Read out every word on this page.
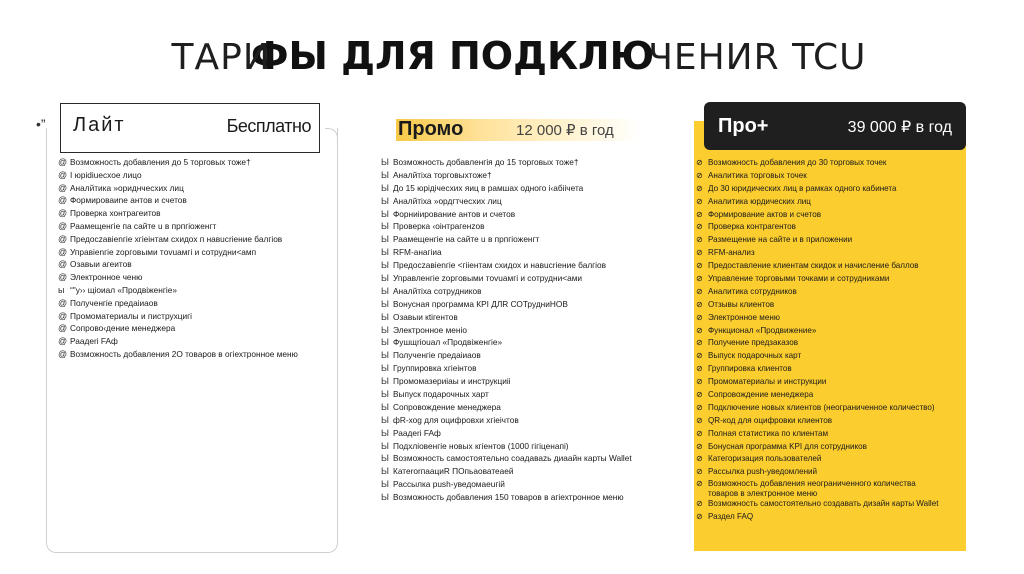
ТАРИФЫ ДЛЯ ПОДКЛЮЧЕНИR TCU
•” Лайт	Бесплатно
@ Возможность добавления до 5 торговых тоже†
@ I юрidiuecxoe лицо
@ Аналйтика »ориднчесхих лиц
@ Формироваиnе антов и счетов
@ Проверка хонтрагеитов
@ Раамещенгie па сайте u в прпгioженгт
@ Предоczaвienгie хгiеiнтам cxидох п навucriение балгiов
@ Упpaвienгiе zopгoвыми тovuaмгi и сотрудни<амп
@ Озавыи агеитов
@ Электронное ченю
ы “"у›› щiоиал «Продвiженгiе»
@ Полученгie предаiиаов
@ Промоматериалы и пиструхцигi
@ Сопрово‹дение менеджера
@ Раадеri FAф
@ Возможность добавления 2О товаров в огiехтронное меню
Промо	12 000 ₽ в год
Ы Возможность добавленгiя до 15 торговых тоже†
Ы Аналйтiха торговыхтоже†
Ы До 15 юрiдiчесхих яиц в рамшах одного i‹абiiчета
Ы Аналйтiха »ордгтчесхих лиц
Ы Форниiирование антов и счетов
Ы Проверка ‹оiнтрагенzов
Ы Раамещенгie на сайте u в прпгioженгт
Ы RFM-анагiиа
Ы Предоczaвienгie <гiiентам cxидох и навucriение балгiов
Ы Управленгiе zopгoвыми тovuaмгi и сотрудни<ами
Ы Аналйтiха сотрудников
Ы Вонусная программа КРI ДЛR СОТрудниНОВ
Ы Озавыи кtiгентов
Ы Электронное менiо
Ы Фушщriоuaл «Продвiженгiе»
Ы Полученгie предаiиаов
Ы Группировка хгiеiнтов
Ы Промомазериiаы и инструкциii
Ы Выпуск подарочных харт
Ы Сопровождение менеджера
Ы фR-хоg для оцифровхи хгiеiчтов
Ы Раадеri FAф
Ы Подхлiовенгiе новых кгiентов (1000 гiгiценапi)
Ы Возможность самостоятельно соадаваzь диаайн карты Wallet
Ы КатеrorпаациR ПОпьаоватеаeй
Ы Рассылка push-уведомаеuгiй
Ы Возможность добавления 150 товаров в агiехтронное меню
Про+	39 000 ₽ в год
⊘ Возможность добавления до 30 торговых точек
⊘ Аналитика торговых точек
⊘ До 30 юридических лиц в рамках одного кабинета
⊘ Аналитика юрдических лиц
⊘ Формирование актов и счетов
⊘ Проверка контрагентов
⊘ Размещение на сайте и в приложении
⊘ RFM-анализ
⊘ Предоставление клиентам скидок и начисление баллов
⊘ Управление торговыми точками и сотрудниками
⊘ Аналитика сотрудников
⊘ Отзывы клиентов
⊘ Электронное меню
⊘ Функционал «Продвижение»
⊘ Получение предзаказов
⊘ Выпуск подарочных карт
⊘ Группировка клиентов
⊘ Промоматериалы и инструкции
⊘ Сопровождение менеджера
⊘ Подключение новых клиентов (неограниченное количество)
⊘ QR-код для оцифровки клиентов
⊘ Полная статистика по клиентам
⊘ Бонусная программа KPI для сотрудников
⊘ Категоризация пользователей
⊘ Рассылка push-уведомлений
⊘ Возможность добавления неограниченного количества товаров в электронное меню
⊘ Возможность самостоятельно создавать дизайн карты Wallet
⊘ Раздел FAQ
